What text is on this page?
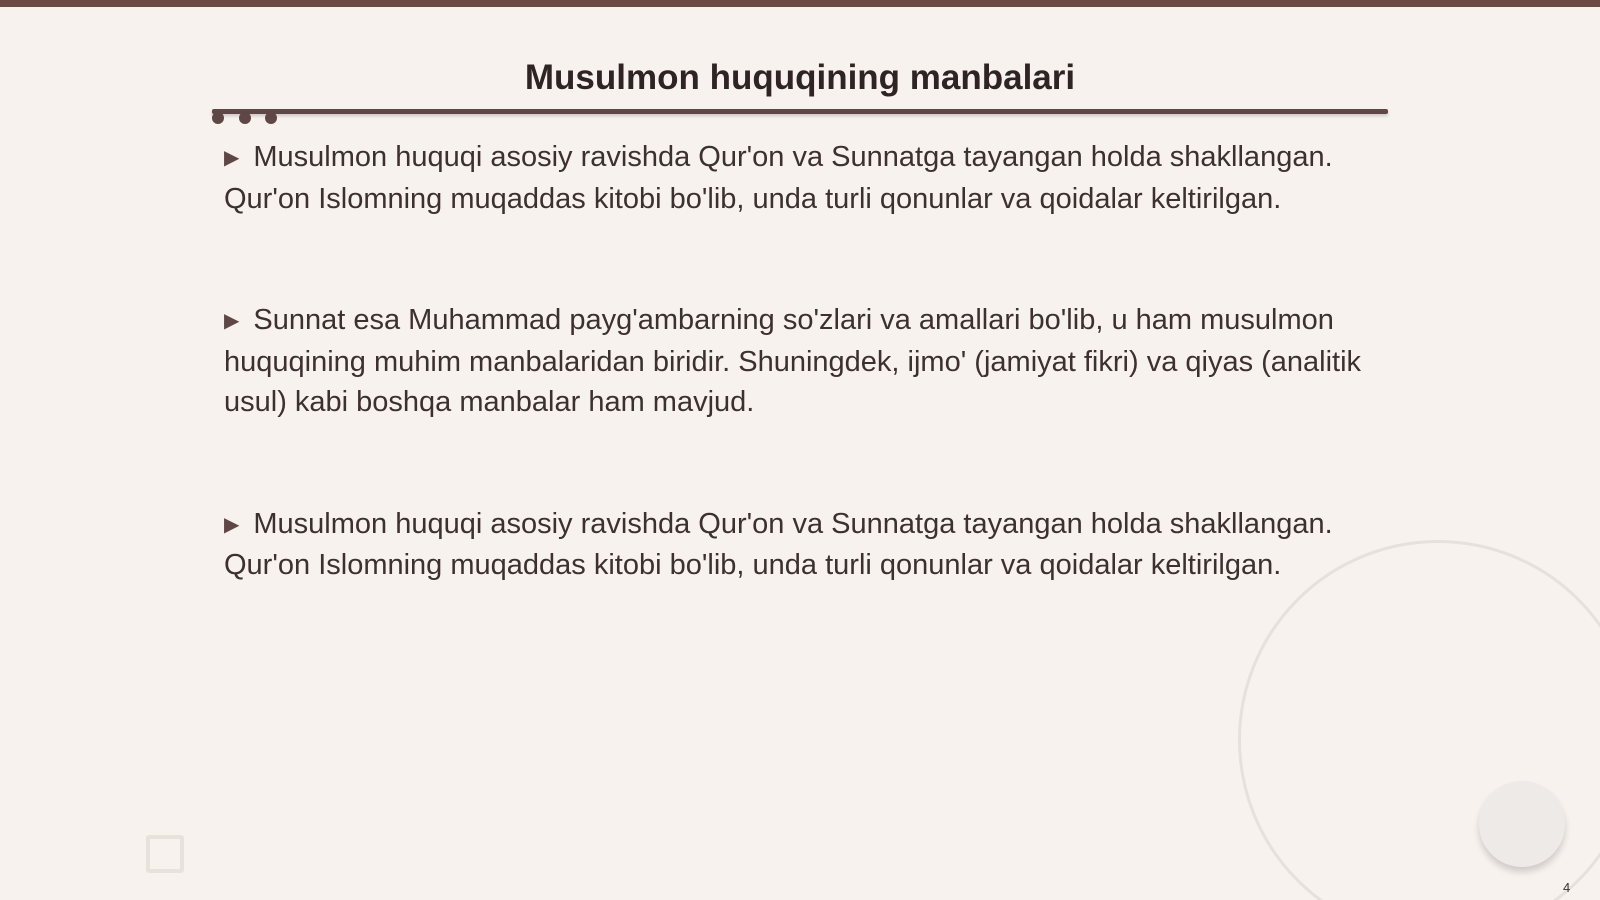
Musulmon huquqining manbalari

▶ Musulmon huquqi asosiy ravishda Qur'on va Sunnatga tayangan holda shakllangan. Qur'on Islomning muqaddas kitobi bo'lib, unda turli qonunlar va qoidalar keltirilgan.

▶ Sunnat esa Muhammad payg'ambarning so'zlari va amallari bo'lib, u ham musulmon huquqining muhim manbalaridan biridir. Shuningdek, ijmo' (jamiyat fikri) va qiyas (analitik usul) kabi boshqa manbalar ham mavjud.

▶ Musulmon huquqi asosiy ravishda Qur'on va Sunnatga tayangan holda shakllangan. Qur'on Islomning muqaddas kitobi bo'lib, unda turli qonunlar va qoidalar keltirilgan.

4
